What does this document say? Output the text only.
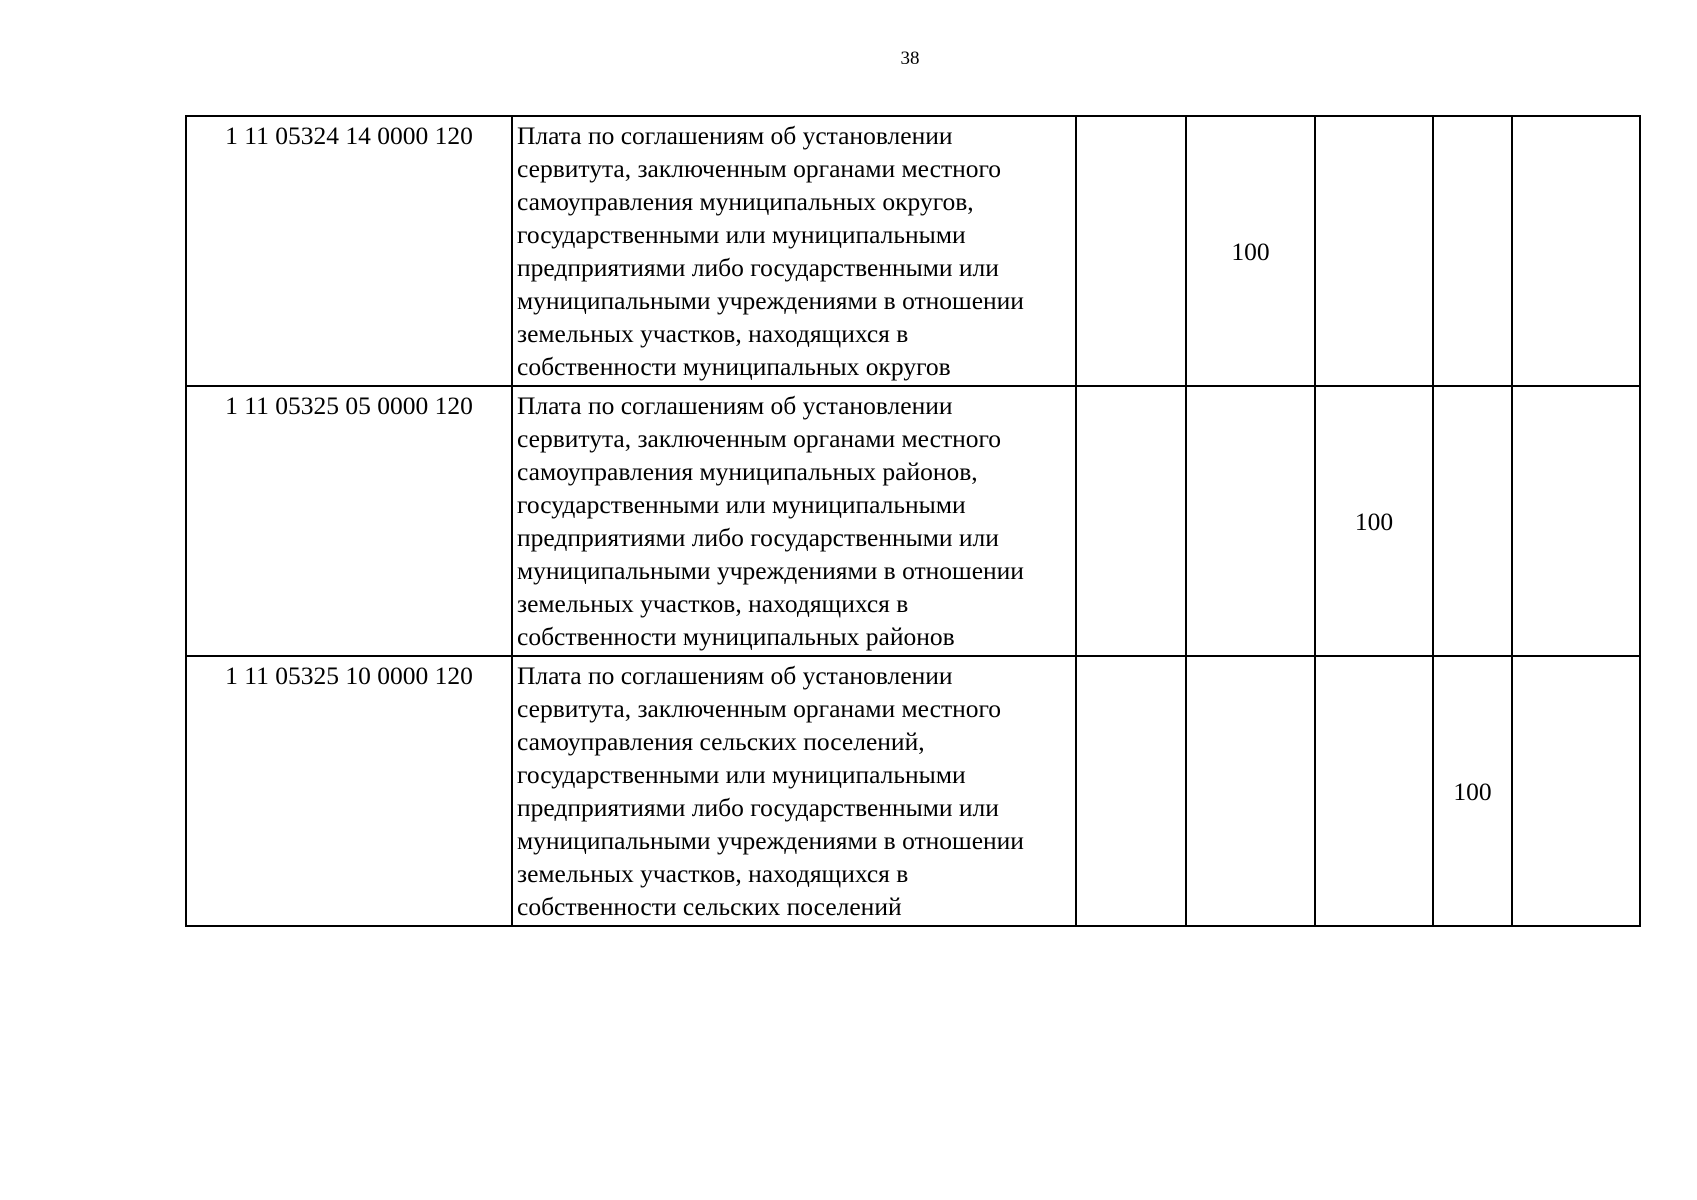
38
1 11 05324 14 0000 120	Плата по соглашениям об установлении сервитута, заключенным органами местного самоуправления муниципальных округов, государственными или муниципальными предприятиями либо государственными или муниципальными учреждениями в отношении земельных участков, находящихся в собственности муниципальных округов		100			
1 11 05325 05 0000 120	Плата по соглашениям об установлении сервитута, заключенным органами местного самоуправления муниципальных районов, государственными или муниципальными предприятиями либо государственными или муниципальными учреждениями в отношении земельных участков, находящихся в собственности муниципальных районов			100		
1 11 05325 10 0000 120	Плата по соглашениям об установлении сервитута, заключенным органами местного самоуправления сельских поселений, государственными или муниципальными предприятиями либо государственными или муниципальными учреждениями в отношении земельных участков, находящихся в собственности сельских поселений				100	
